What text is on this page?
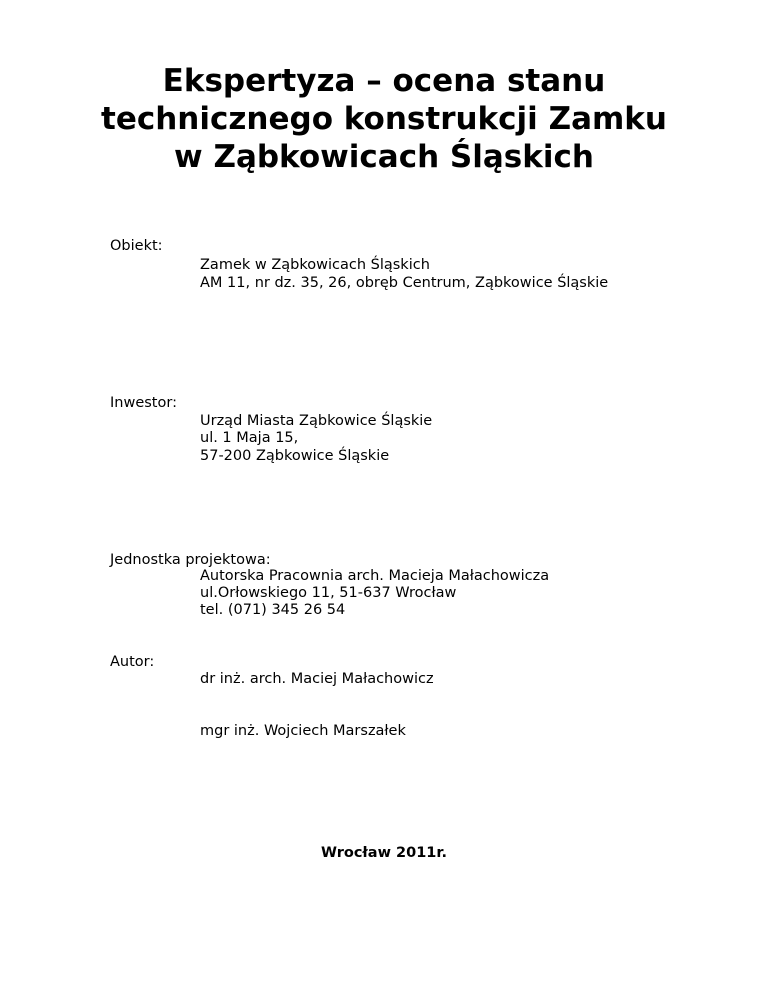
Ekspertyza – ocena stanu
technicznego konstrukcji Zamku
w Ząbkowicach Śląskich
Obiekt:
Zamek w Ząbkowicach Śląskich
AM 11, nr dz. 35, 26, obręb Centrum, Ząbkowice Śląskie
Inwestor:
Urząd Miasta Ząbkowice Śląskie
ul. 1 Maja 15,
57-200 Ząbkowice Śląskie
Jednostka projektowa:
Autorska Pracownia arch. Macieja Małachowicza
ul.Orłowskiego 11, 51-637 Wrocław
tel. (071) 345 26 54
Autor:
dr inż. arch. Maciej Małachowicz
mgr inż. Wojciech Marszałek
Wrocław 2011r.
